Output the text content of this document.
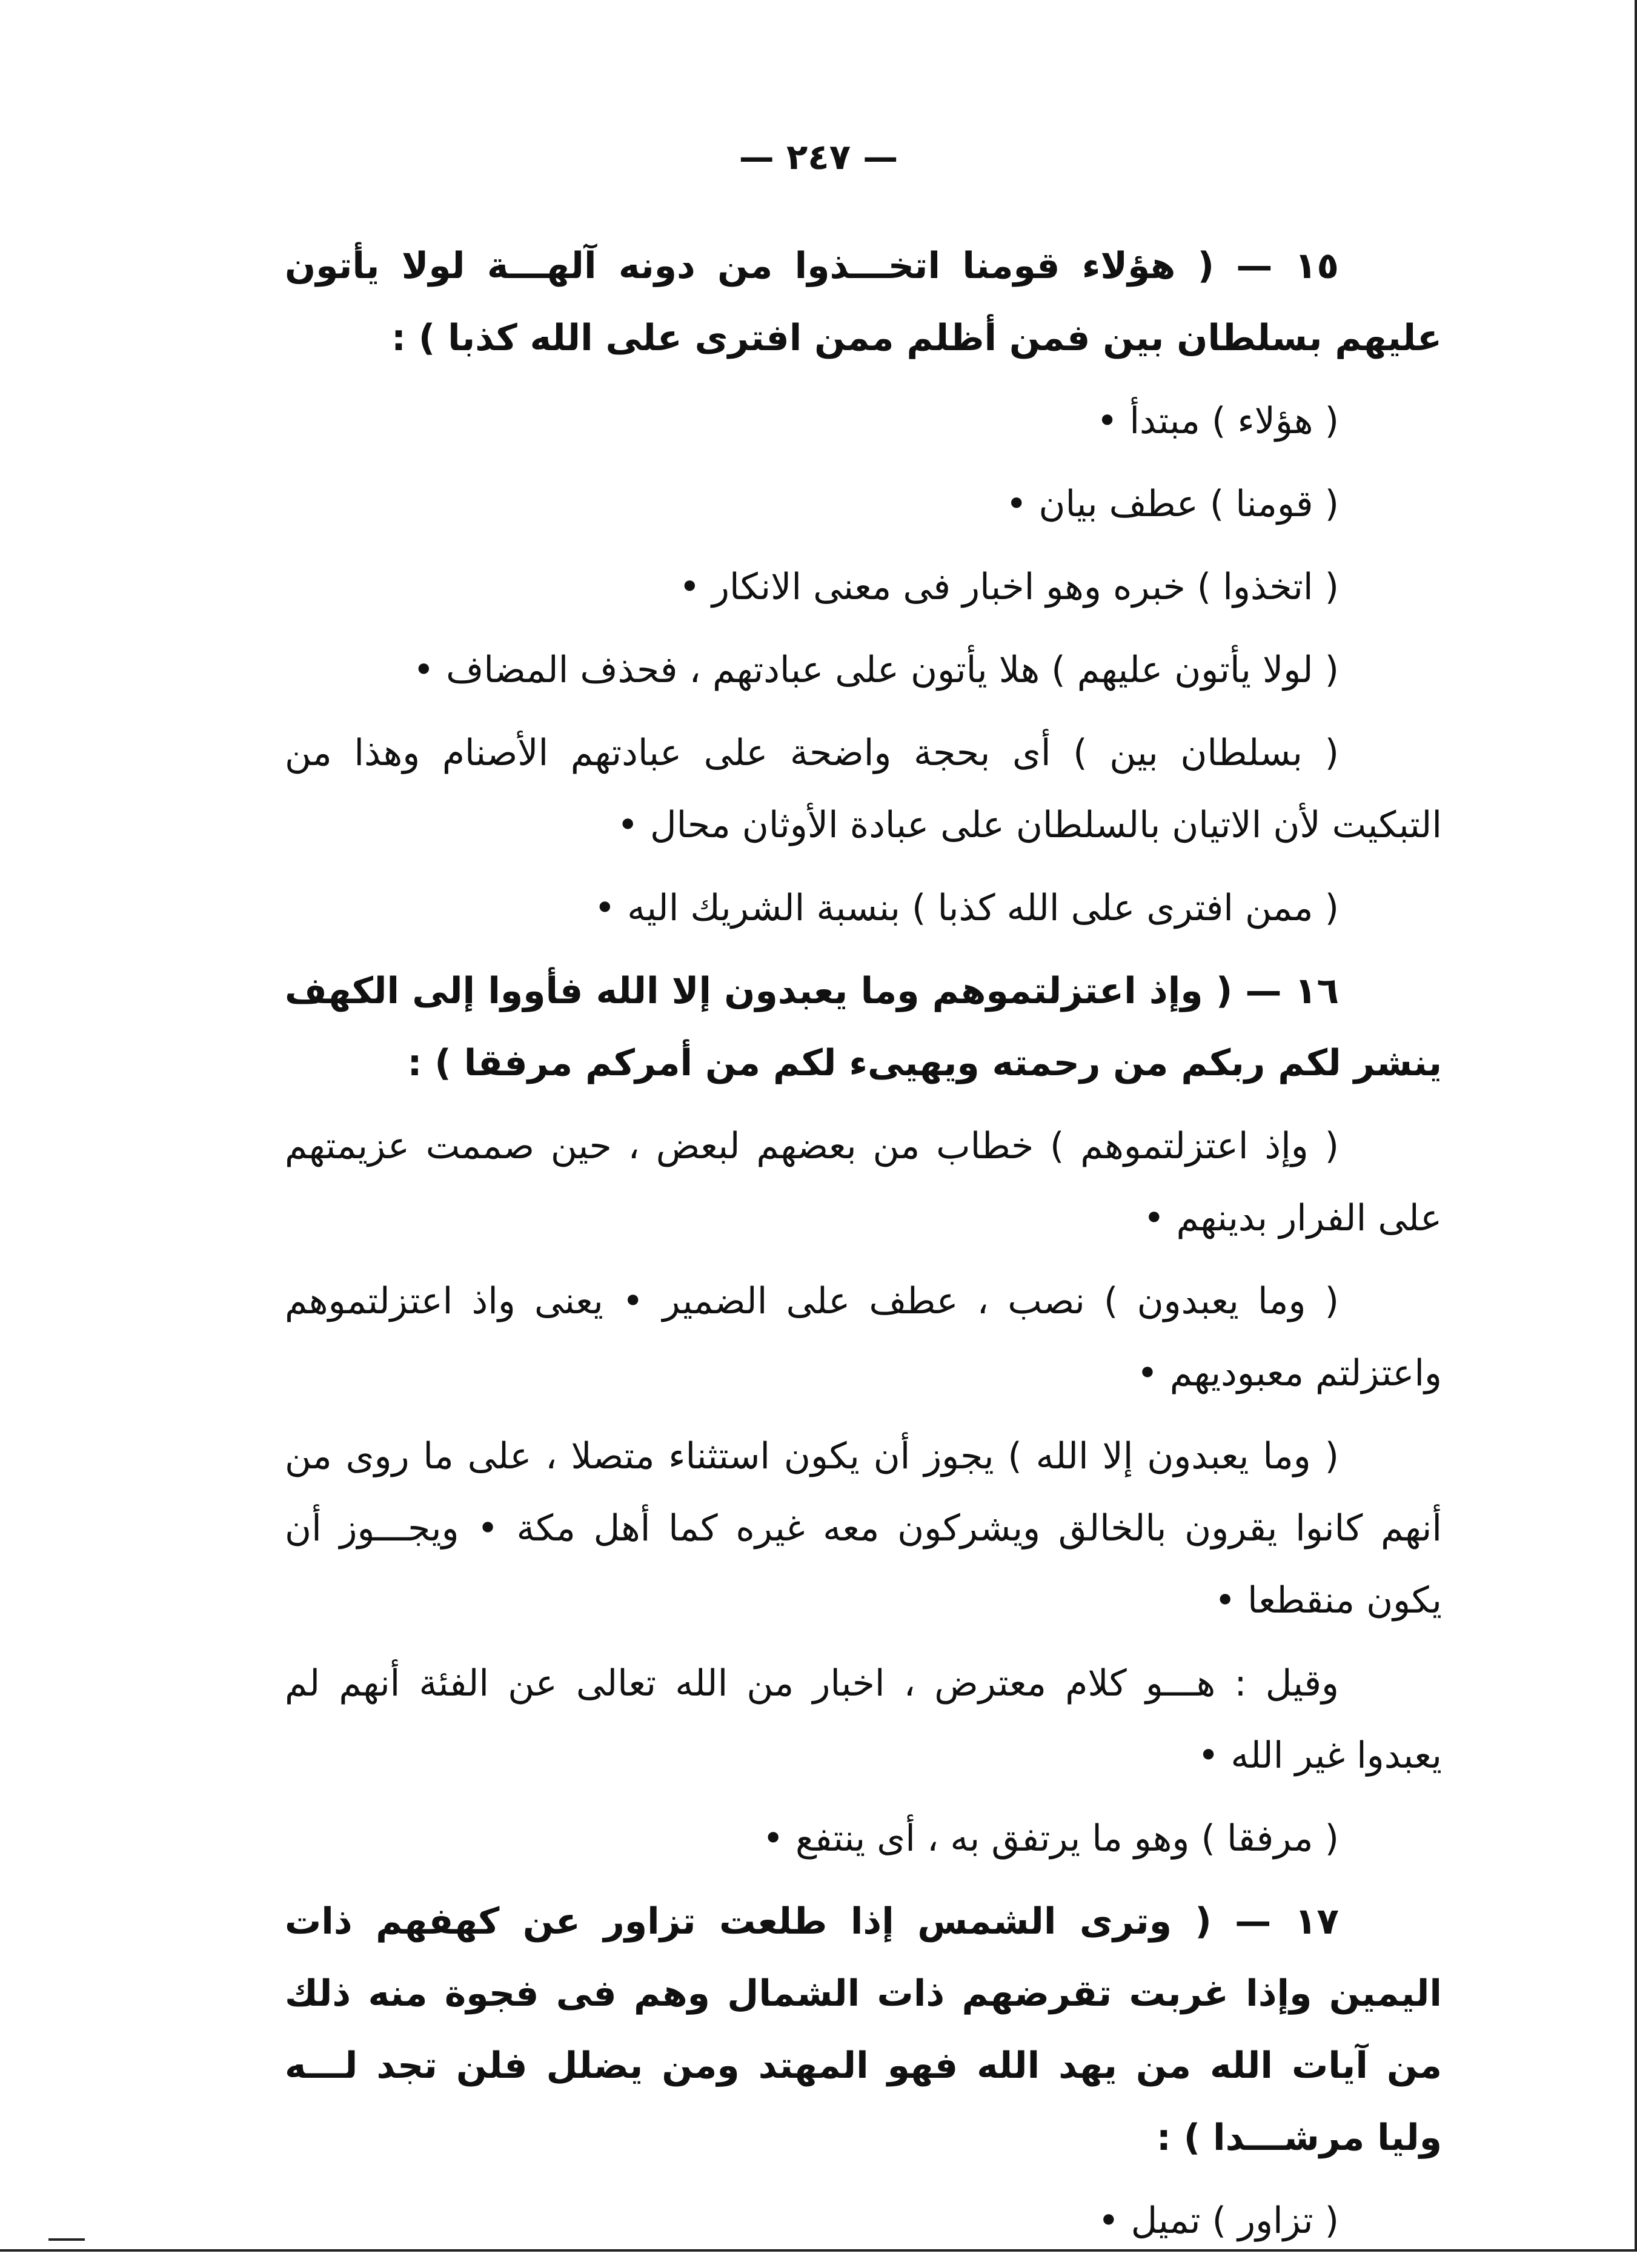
— ٢٤٧ —

١٥ — ( هؤلاء قومنا اتخـــذوا من دونه آلهـــة لولا يأتون عليهم بسلطان بين فمن أظلم ممن افترى على الله كذبا ) :

( هؤلاء ) مبتدأ •

( قومنا ) عطف بيان •

( اتخذوا ) خبره وهو اخبار فى معنى الانكار •

( لولا يأتون عليهم ) هلا يأتون على عبادتهم ، فحذف المضاف •

( بسلطان بين ) أى بحجة واضحة على عبادتهم الأصنام وهذا من التبكيت لأن الاتيان بالسلطان على عبادة الأوثان محال •

( ممن افترى على الله كذبا ) بنسبة الشريك اليه •

١٦ — ( وإذ اعتزلتموهم وما يعبدون إلا الله فأووا إلى الكهف ينشر لكم ربكم من رحمته ويهيىء لكم من أمركم مرفقا ) :

( وإذ اعتزلتموهم ) خطاب من بعضهم لبعض ، حين صممت عزيمتهم على الفرار بدينهم •

( وما يعبدون ) نصب ، عطف على الضمير • يعنى واذ اعتزلتموهم واعتزلتم معبوديهم •

( وما يعبدون إلا الله ) يجوز أن يكون استثناء متصلا ، على ما روى من أنهم كانوا يقرون بالخالق ويشركون معه غيره كما أهل مكة • ويجـــوز أن يكون منقطعا •

وقيل : هـــو كلام معترض ، اخبار من الله تعالى عن الفئة أنهم لم يعبدوا غير الله •

( مرفقا ) وهو ما يرتفق به ، أى ينتفع •

١٧ — ( وترى الشمس إذا طلعت تزاور عن كهفهم ذات اليمين وإذا غربت تقرضهم ذات الشمال وهم فى فجوة منه ذلك من آيات الله من يهد الله فهو المهتد ومن يضلل فلن تجد لـــه وليا مرشـــدا ) :

( تزاور ) تميل •
